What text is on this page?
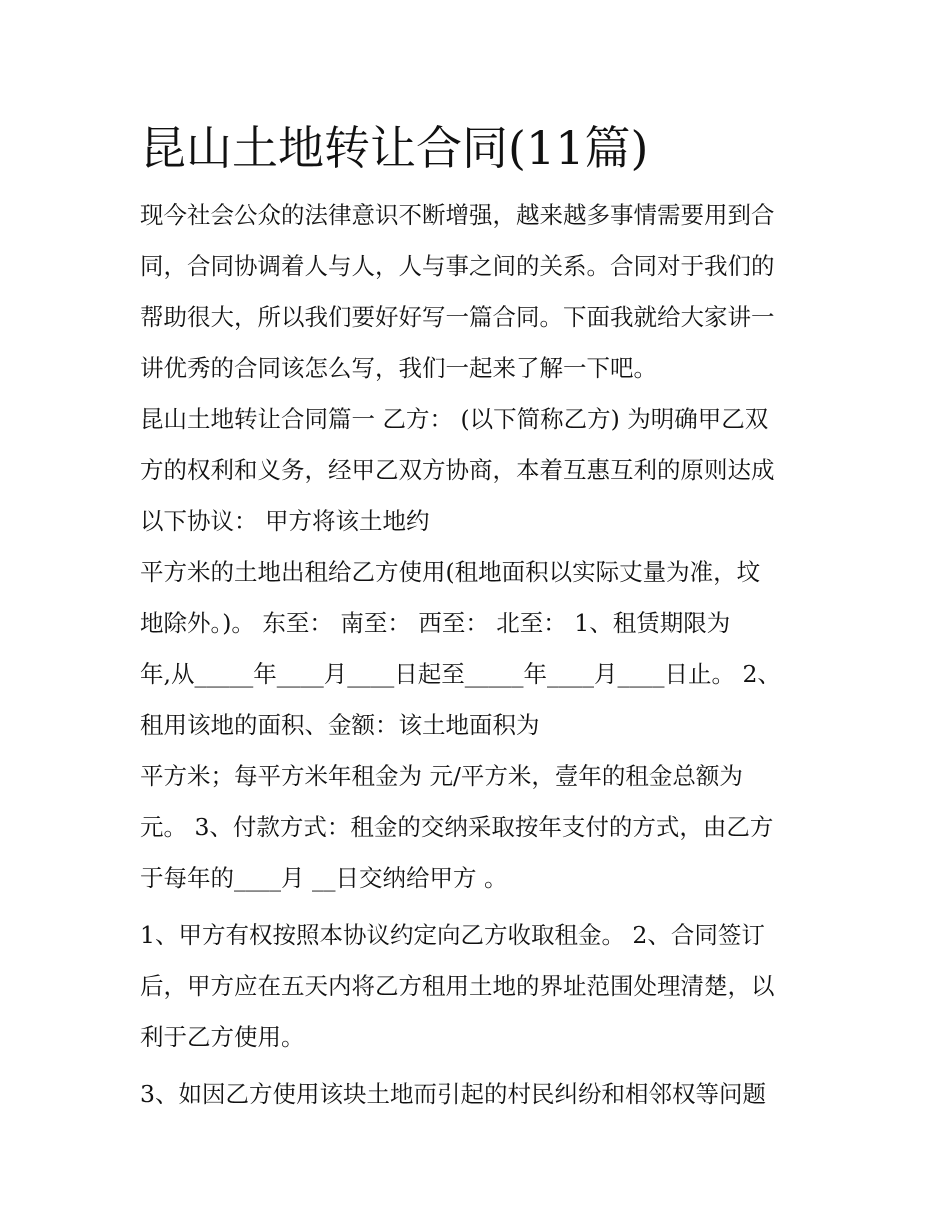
昆山土地转让合同(11篇)

现今社会公众的法律意识不断增强，越来越多事情需要用到合

同，合同协调着人与人，人与事之间的关系。合同对于我们的

帮助很大，所以我们要好好写一篇合同。下面我就给大家讲一

讲优秀的合同该怎么写，我们一起来了解一下吧。

昆山土地转让合同篇一 乙方： (以下简称乙方) 为明确甲乙双

方的权利和义务，经甲乙双方协商，本着互惠互利的原则达成

以下协议： 甲方将该土地约

平方米的土地出租给乙方使用(租地面积以实际丈量为准，坟

地除外。)。 东至： 南至： 西至： 北至： 1、租赁期限为

年,从_____年____月____日起至_____年____月____日止。 2、

租用该地的面积、金额：该土地面积为

平方米；每平方米年租金为 元/平方米，壹年的租金总额为

元。 3、付款方式：租金的交纳采取按年支付的方式，由乙方

于每年的____月 __日交纳给甲方 。

1、甲方有权按照本协议约定向乙方收取租金。 2、合同签订

后，甲方应在五天内将乙方租用土地的界址范围处理清楚，以

利于乙方使用。

3、如因乙方使用该块土地而引起的村民纠纷和相邻权等问题
